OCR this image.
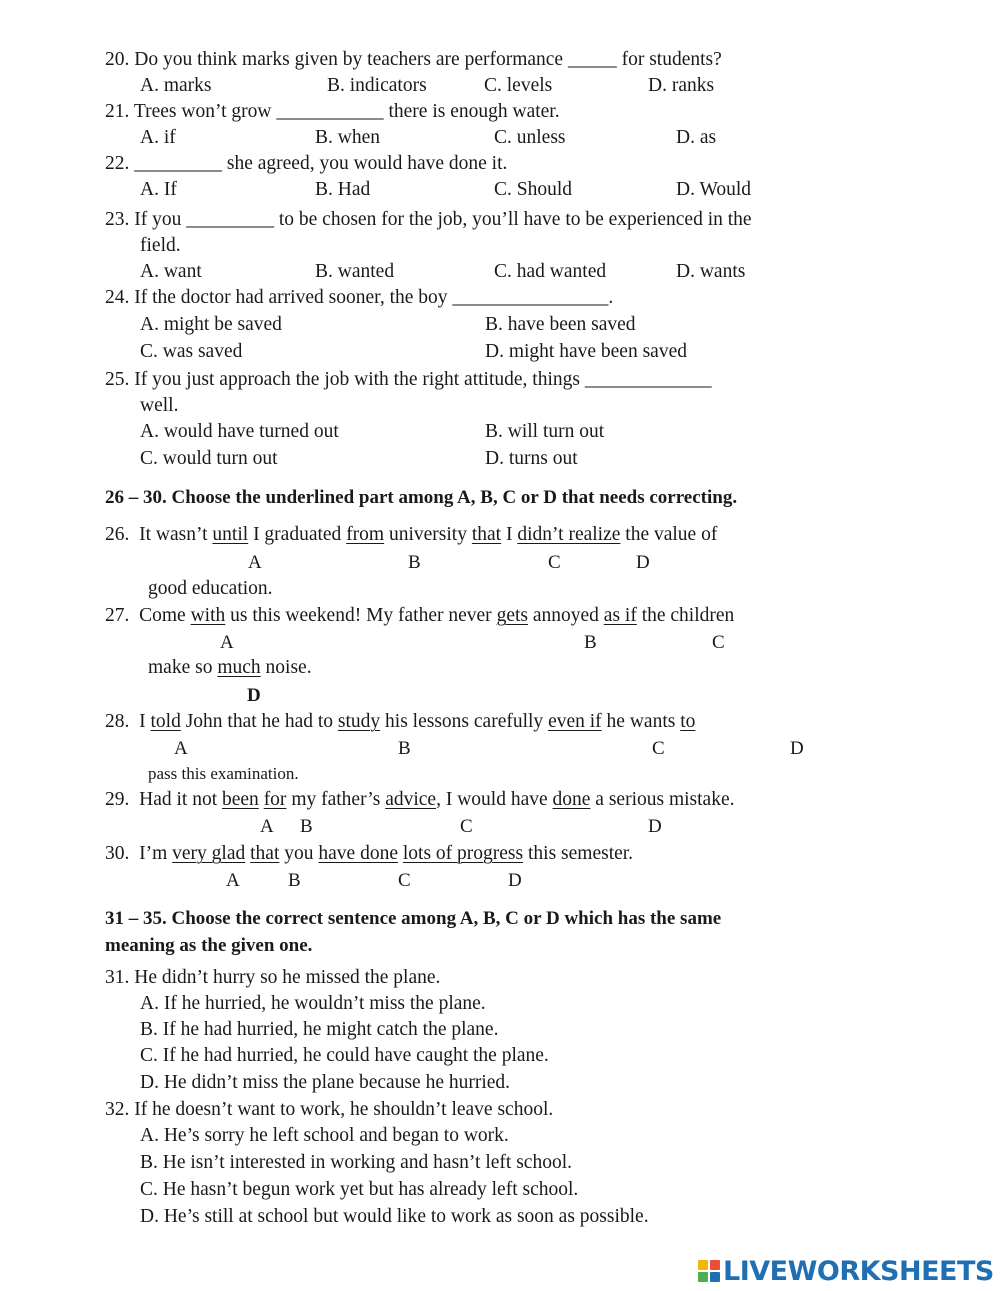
20. Do you think marks given by teachers are performance _____ for students?
A. marks	B. indicators	C. levels	D. ranks
21. Trees won’t grow ___________ there is enough water.
A. if	B. when	C. unless	D. as
22. _________ she agreed, you would have done it.
A. If	B. Had	C. Should	D. Would
23. If you _________ to be chosen for the job, you’ll have to be experienced in the
field.
A. want	B. wanted	C. had wanted	D. wants
24. If the doctor had arrived sooner, the boy ________________.
A. might be saved	B. have been saved
C. was saved	D. might have been saved
25. If you just approach the job with the right attitude, things _____________
well.
A. would have turned out	B. will turn out
C. would turn out	D. turns out
26 – 30. Choose the underlined part among A, B, C or D that needs correcting.
26. It wasn’t until I graduated from university that I didn’t realize the value of
A	B	C	D
good education.
27. Come with us this weekend! My father never gets annoyed as if the children
A	B	C
make so much noise.
D
28. I told John that he had to study his lessons carefully even if he wants to
A	B	C	D
pass this examination.
29. Had it not been for my father’s advice, I would have done a serious mistake.
A B	C	D
30. I’m very glad that you have done lots of progress this semester.
A	B	C	D
31 – 35. Choose the correct sentence among A, B, C or D which has the same
meaning as the given one.
31. He didn’t hurry so he missed the plane.
A. If he hurried, he wouldn’t miss the plane.
B. If he had hurried, he might catch the plane.
C. If he had hurried, he could have caught the plane.
D. He didn’t miss the plane because he hurried.
32. If he doesn’t want to work, he shouldn’t leave school.
A. He’s sorry he left school and began to work.
B. He isn’t interested in working and hasn’t left school.
C. He hasn’t begun work yet but has already left school.
D. He’s still at school but would like to work as soon as possible.
LIVEWORKSHEETS
